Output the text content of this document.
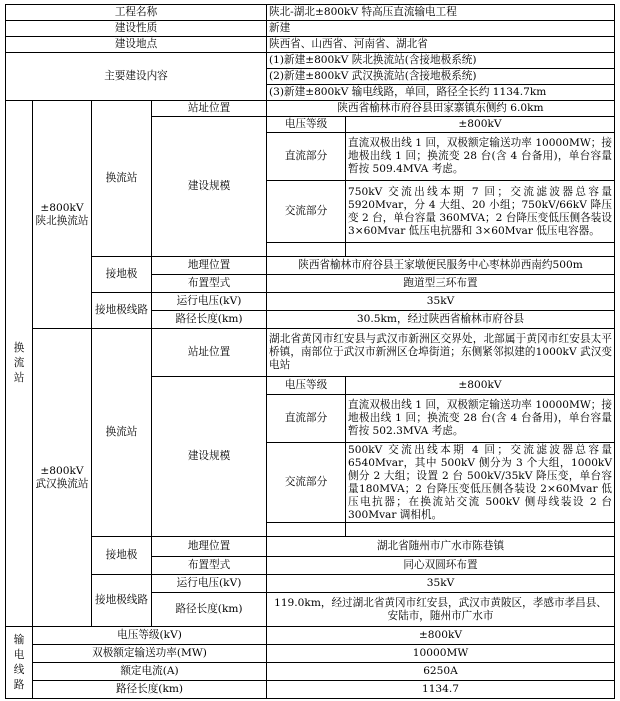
工程名称				陕北-湖北±800kV 特高压直流输电工程	
建设性质				新建	
建设地点				陕西省、山西省、河南省、湖北省	
主要建设内容				(1)新建±800kV 陕北换流站(含接地极系统)	
				(2)新建±800kV 武汉换流站(含接地极系统)	
				(3)新建±800kV 输电线路，单回，路径全长约 1134.7km	

换流站	±800kV 陕北换流站	换流站	站址位置	陕西省榆林市府谷县田家寨镇东侧约 6.0km	
			建设规模	电压等级	±800kV
				直流部分	直流双极出线 1 回，双极额定输送功率 10000MW；接地极出线 1 回；换流变 28 台(含 4 台备用)，单台容量暂按 509.4MVA 考虑。
				交流部分	750kV 交流出线本期 7 回；交流滤波器总容量5920Mvar，分 4 大组、20 小组；750kV/66kV 降压变 2 台，单台容量 360MVA；2 台降压变低压侧各装设3×60Mvar 低压电抗器和 3×60Mvar 低压电容器。

		接地极	地理位置	陕西省榆林市府谷县王家墩便民服务中心枣林峁西南约500m	
			布置型式	跑道型三环布置	
		接地极线路	运行电压(kV)	35kV	
			路径长度(km)	30.5km，经过陕西省榆林市府谷县	
	±800kV 武汉换流站	换流站	站址位置	湖北省黄冈市红安县与武汉市新洲区交界处，北部属于黄冈市红安县太平桥镇，南部位于武汉市新洲区仓埠街道；东侧紧邻拟建的1000kV 武汉变电站	
			建设规模	电压等级	±800kV
				直流部分	直流双极出线 1 回，双极额定输送功率 10000MW；接地极出线 1 回；换流变 28 台(含 4 台备用)，单台容量暂按 502.3MVA 考虑。
				交流部分	500kV 交流出线本期 4 回；交流滤波器总容量6540Mvar，其中 500kV 侧分为 3 个大组，1000kV 侧分 2 大组；设置 2 台 500kV/35kV 降压变，单台容量180MVA；2 台降压变低压侧各装设 2×60Mvar 低压电抗器；在换流站交流 500kV 侧母线装设 2 台300Mvar 调相机。

		接地极	地理位置	湖北省随州市广水市陈巷镇	
			布置型式	同心双圆环布置	
		接地极线路	运行电压(kV)	35kV	
			路径长度(km)	119.0km，经过湖北省黄冈市红安县，武汉市黄陂区，孝感市孝昌县、安陆市，随州市广水市	

输电线路	电压等级(kV)			±800kV	
	双极额定输送功率(MW)			10000MW	
	额定电流(A)			6250A	
	路径长度(km)			1134.7	
